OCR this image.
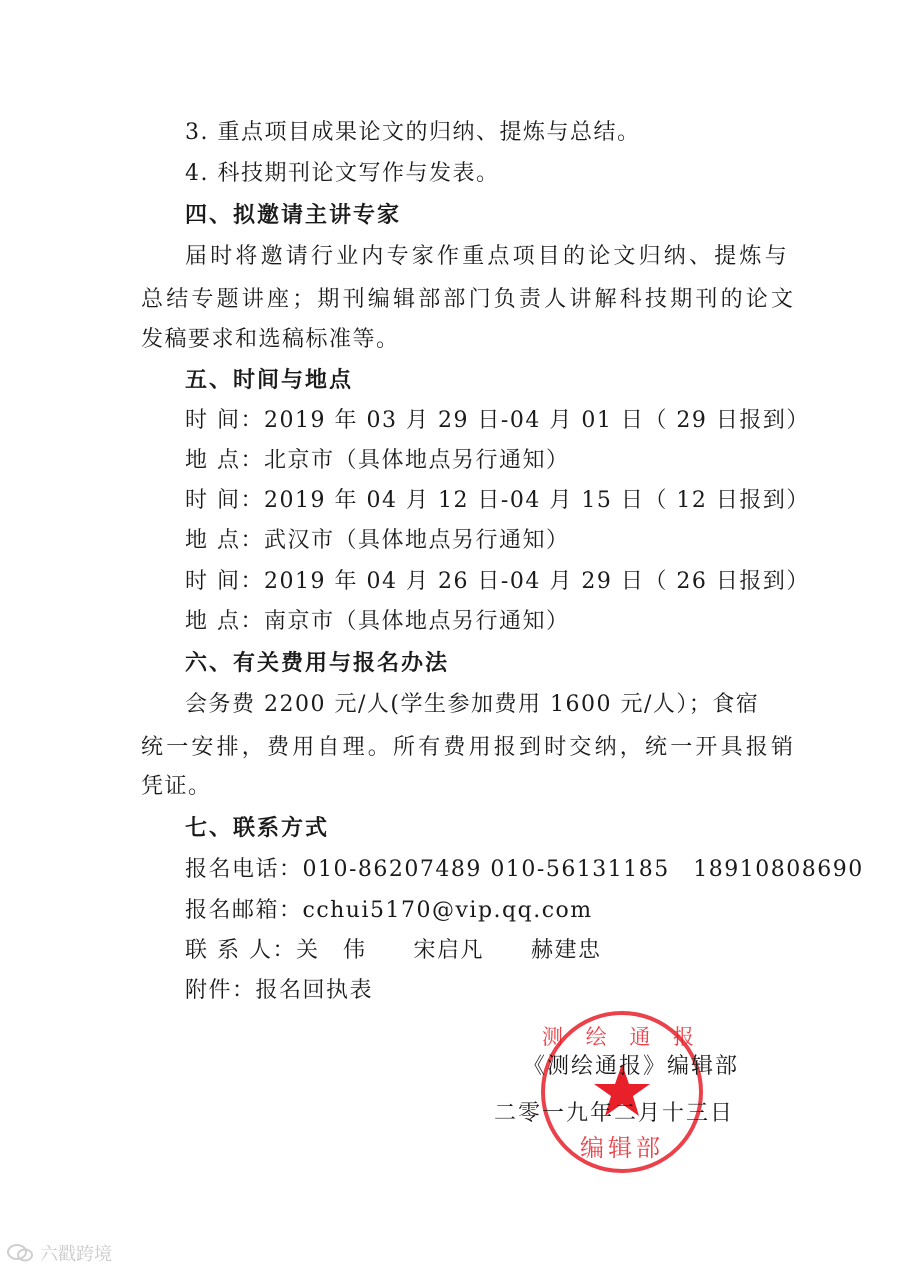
3. 重点项目成果论文的归纳、提炼与总结。
4. 科技期刊论文写作与发表。
四、拟邀请主讲专家
届时将邀请行业内专家作重点项目的论文归纳、提炼与
总结专题讲座；期刊编辑部部门负责人讲解科技期刊的论文
发稿要求和选稿标准等。
五、时间与地点
时 间：2019 年 03 月 29 日-04 月 01 日（ 29 日报到）
地 点：北京市（具体地点另行通知）
时 间：2019 年 04 月 12 日-04 月 15 日（ 12 日报到）
地 点：武汉市（具体地点另行通知）
时 间：2019 年 04 月 26 日-04 月 29 日（ 26 日报到）
地 点：南京市（具体地点另行通知）
六、有关费用与报名办法
会务费 2200 元/人(学生参加费用 1600 元/人）；食宿
统一安排，费用自理。所有费用报到时交纳，统一开具报销
凭证。
七、联系方式
报名电话：010-86207489 010-56131185　18910808690
报名邮箱：cchui5170@vip.qq.com
联 系 人：关　伟　　宋启凡　　赫建忠
附件：报名回执表
测 绘 通 报
编辑部
《测绘通报》编辑部
二零一九年二月十三日
六戳跨境
